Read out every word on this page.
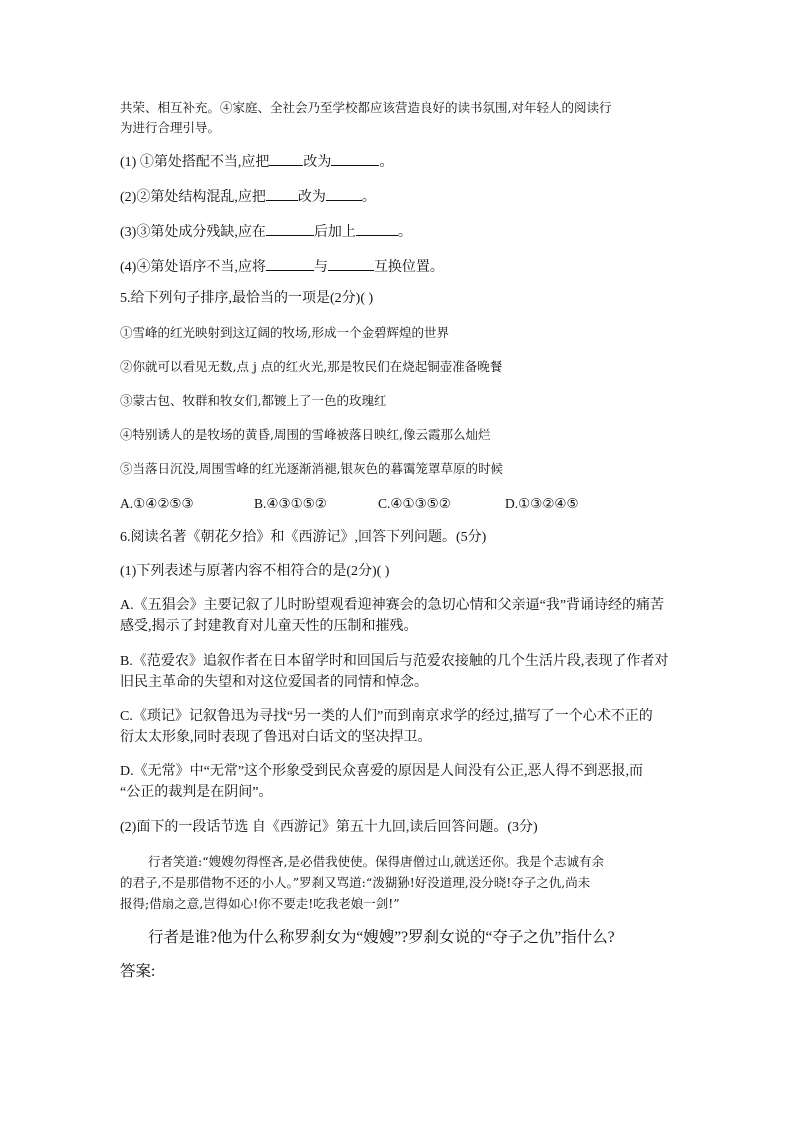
共荣、相互补充。④家庭、全社会乃至学校都应该营造良好的读书氛围,对年轻人的阅读行
为进行合理引导。
(1) ①第处搭配不当,应把 改为	。
(2)②第处结构混乱,应把 改为	。
(3)③第处成分残缺,应在	后加上	。
(4)④第处语序不当,应将	与	互换位置。
5.给下列句子排序,最恰当的一项是(2分)( )
①雪峰的红光映射到这辽阔的牧场,形成一个金碧辉煌的世界
②你就可以看见无数,点 j 点的红火光,那是牧民们在烧起铜壶准备晚餐
③蒙古包、牧群和牧女们,都镀上了一色的玫瑰红
④特别诱人的是牧场的黄昏,周围的雪峰被落日映红,像云霞那么灿烂
⑤当落日沉没,周围雪峰的红光逐渐消褪,银灰色的暮霭笼罩草原的时候
A.①④②⑤③	B.④③①⑤②	C.④①③⑤②	D.①③②④⑤
6.阅读名著《朝花夕拾》和《西游记》,回答下列问题。(5分)
(1)下列表述与原著内容不相符合的是(2分)( )
A.《五猖会》主要记叙了儿时盼望观看迎神赛会的急切心情和父亲逼“我”背诵诗经的痛苦
感受,揭示了封建教育对儿童天性的压制和摧残。
B.《范爱农》追叙作者在日本留学时和回国后与范爱农接触的几个生活片段,表现了作者对
旧民主革命的失望和对这位爱国者的同情和悼念。
C.《琐记》记叙鲁迅为寻找“另一类的人们”而到南京求学的经过,描写了一个心术不正的
衍太太形象,同时表现了鲁迅对白话文的坚决捍卫。
D.《无常》中“无常”这个形象受到民众喜爱的原因是人间没有公正,恶人得不到恶报,而
“公正的裁判是在阴间”。
(2)面下的一段话节选 自《西游记》第五十九回,读后回答问题。(3分)
行者笑道:“嫂嫂勿得悭吝,是必借我使使。保得唐僧过山,就送还你。我是个志诚有余
的君子,不是那借物不还的小人。”罗刹又骂道:“泼猢狲!好没道理,没分晓!夺子之仇,尚未
报得;借扇之意,岂得如心!你不要走!吃我老娘一剑!”
行者是谁?他为什么称罗刹女为“嫂嫂”?罗刹女说的“夺子之仇”指什么?
答案:
